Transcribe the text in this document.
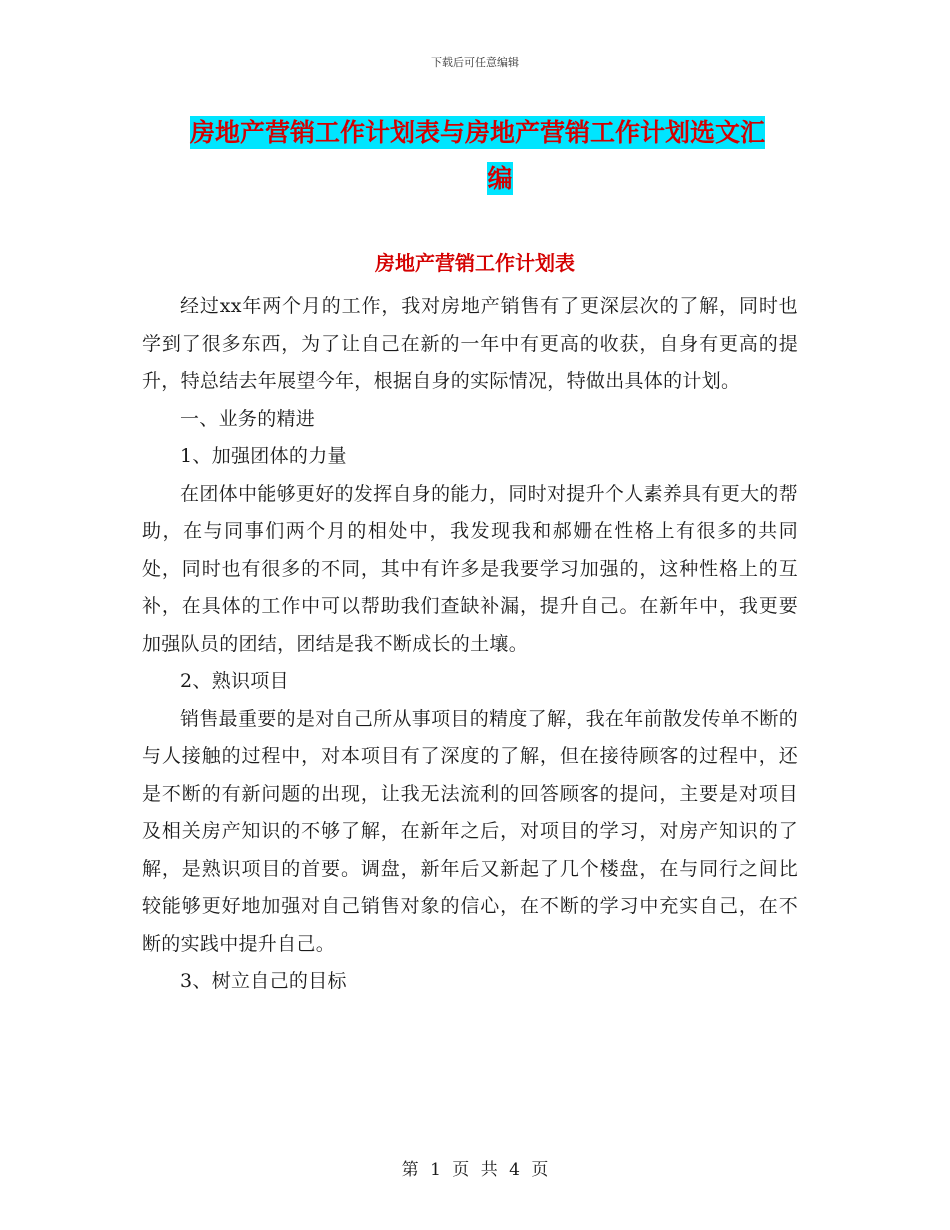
下载后可任意编辑
房地产营销工作计划表与房地产营销工作计划选文汇
编
房地产营销工作计划表

经过xx年两个月的工作，我对房地产销售有了更深层次的了解，同时也学到了很多东西，为了让自己在新的一年中有更高的收获，自身有更高的提升，特总结去年展望今年，根据自身的实际情况，特做出具体的计划。

一、业务的精进

1、加强团体的力量

在团体中能够更好的发挥自身的能力，同时对提升个人素养具有更大的帮助，在与同事们两个月的相处中，我发现我和郝姗在性格上有很多的共同处，同时也有很多的不同，其中有许多是我要学习加强的，这种性格上的互补，在具体的工作中可以帮助我们查缺补漏，提升自己。在新年中，我更要加强队员的团结，团结是我不断成长的土壤。

2、熟识项目

销售最重要的是对自己所从事项目的精度了解，我在年前散发传单不断的与人接触的过程中，对本项目有了深度的了解，但在接待顾客的过程中，还是不断的有新问题的出现，让我无法流利的回答顾客的提问，主要是对项目及相关房产知识的不够了解，在新年之后，对项目的学习，对房产知识的了解，是熟识项目的首要。调盘，新年后又新起了几个楼盘，在与同行之间比较能够更好地加强对自己销售对象的信心，在不断的学习中充实自己，在不断的实践中提升自己。

3、树立自己的目标

第 1 页 共 4 页
